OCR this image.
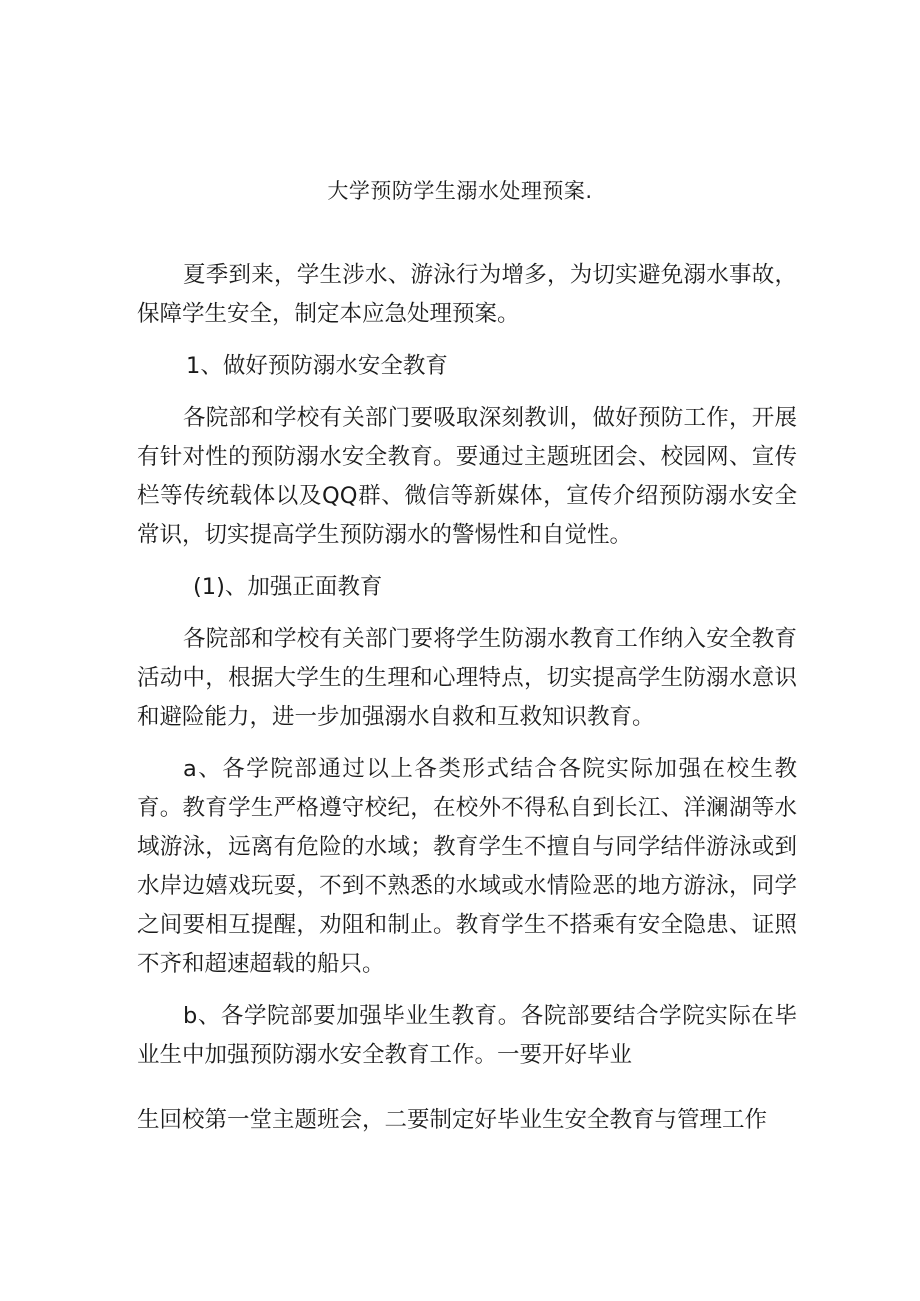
大学预防学生溺水处理预案.

夏季到来，学生涉水、游泳行为增多，为切实避免溺水事故，保障学生安全，制定本应急处理预案。

1、做好预防溺水安全教育

各院部和学校有关部门要吸取深刻教训，做好预防工作，开展有针对性的预防溺水安全教育。要通过主题班团会、校园网、宣传栏等传统载体以及QQ群、微信等新媒体，宣传介绍预防溺水安全常识，切实提高学生预防溺水的警惕性和自觉性。

(1)、加强正面教育

各院部和学校有关部门要将学生防溺水教育工作纳入安全教育活动中，根据大学生的生理和心理特点，切实提高学生防溺水意识和避险能力，进一步加强溺水自救和互救知识教育。

a、各学院部通过以上各类形式结合各院实际加强在校生教育。教育学生严格遵守校纪，在校外不得私自到长江、洋澜湖等水域游泳，远离有危险的水域；教育学生不擅自与同学结伴游泳或到水岸边嬉戏玩耍，不到不熟悉的水域或水情险恶的地方游泳，同学之间要相互提醒，劝阻和制止。教育学生不搭乘有安全隐患、证照不齐和超速超载的船只。

b、各学院部要加强毕业生教育。各院部要结合学院实际在毕业生中加强预防溺水安全教育工作。一要开好毕业

生回校第一堂主题班会，二要制定好毕业生安全教育与管理工作
